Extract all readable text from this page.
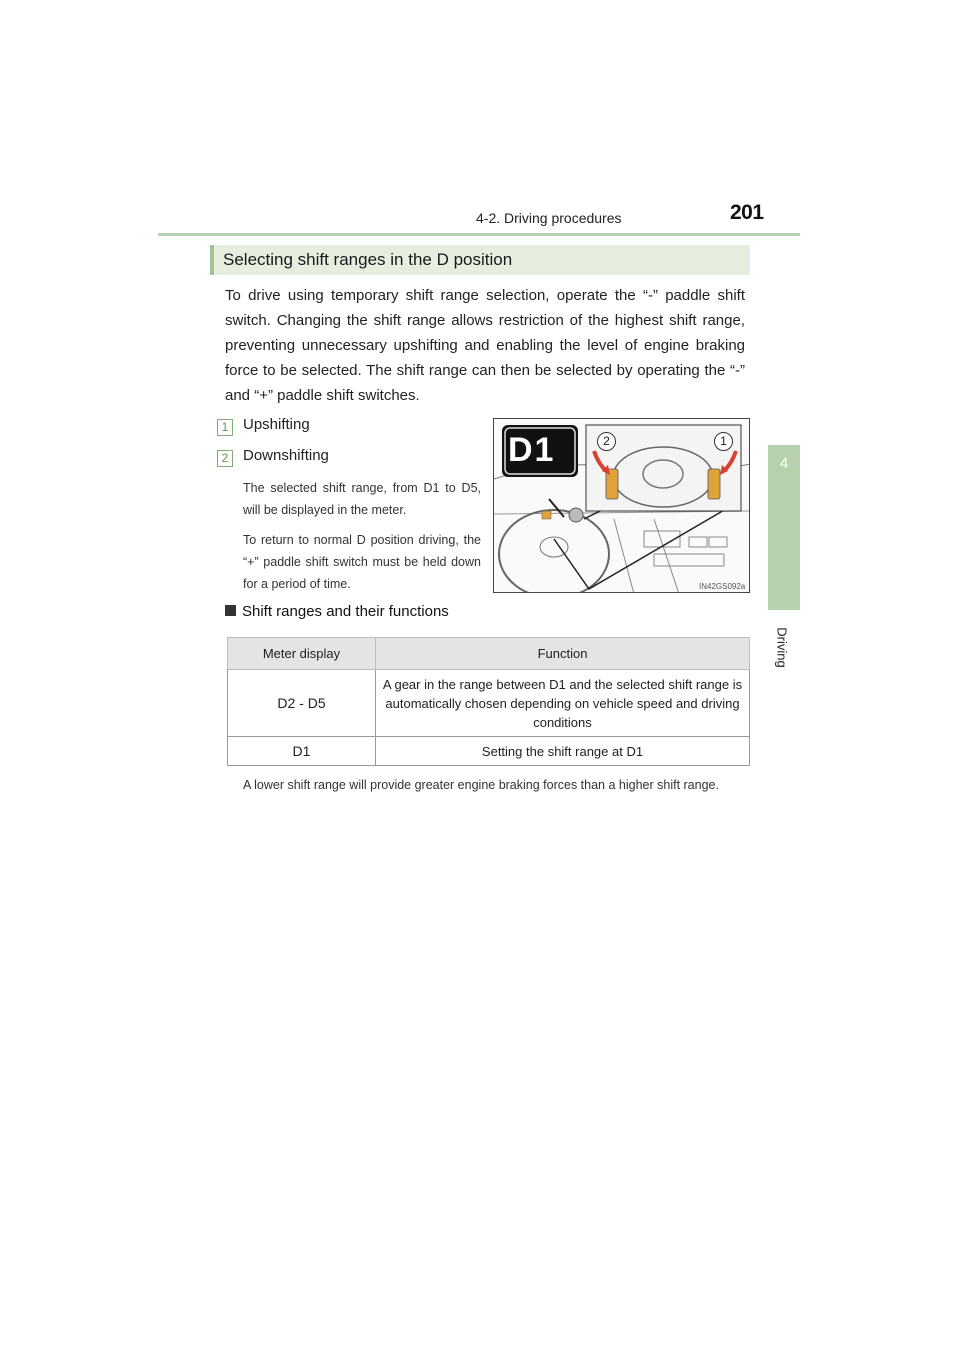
4-2. Driving procedures	201
4
Driving
Selecting shift ranges in the D position
To drive using temporary shift range selection, operate the “-” paddle shift switch. Changing the shift range allows restriction of the highest shift range, preventing unnecessary upshifting and enabling the level of engine braking force to be selected. The shift range can then be selected by operating the “-” and “+” paddle shift switches.
1 Upshifting
2 Downshifting
The selected shift range, from D1 to D5, will be displayed in the meter.
To return to normal D position driving, the “+” paddle shift switch must be held down for a period of time.
D1	2	1
IN42GS092a
Shift ranges and their functions
Meter display	Function
D2 - D5	A gear in the range between D1 and the selected shift range is automatically chosen depending on vehicle speed and driving conditions
D1	Setting the shift range at D1
A lower shift range will provide greater engine braking forces than a higher shift range.
